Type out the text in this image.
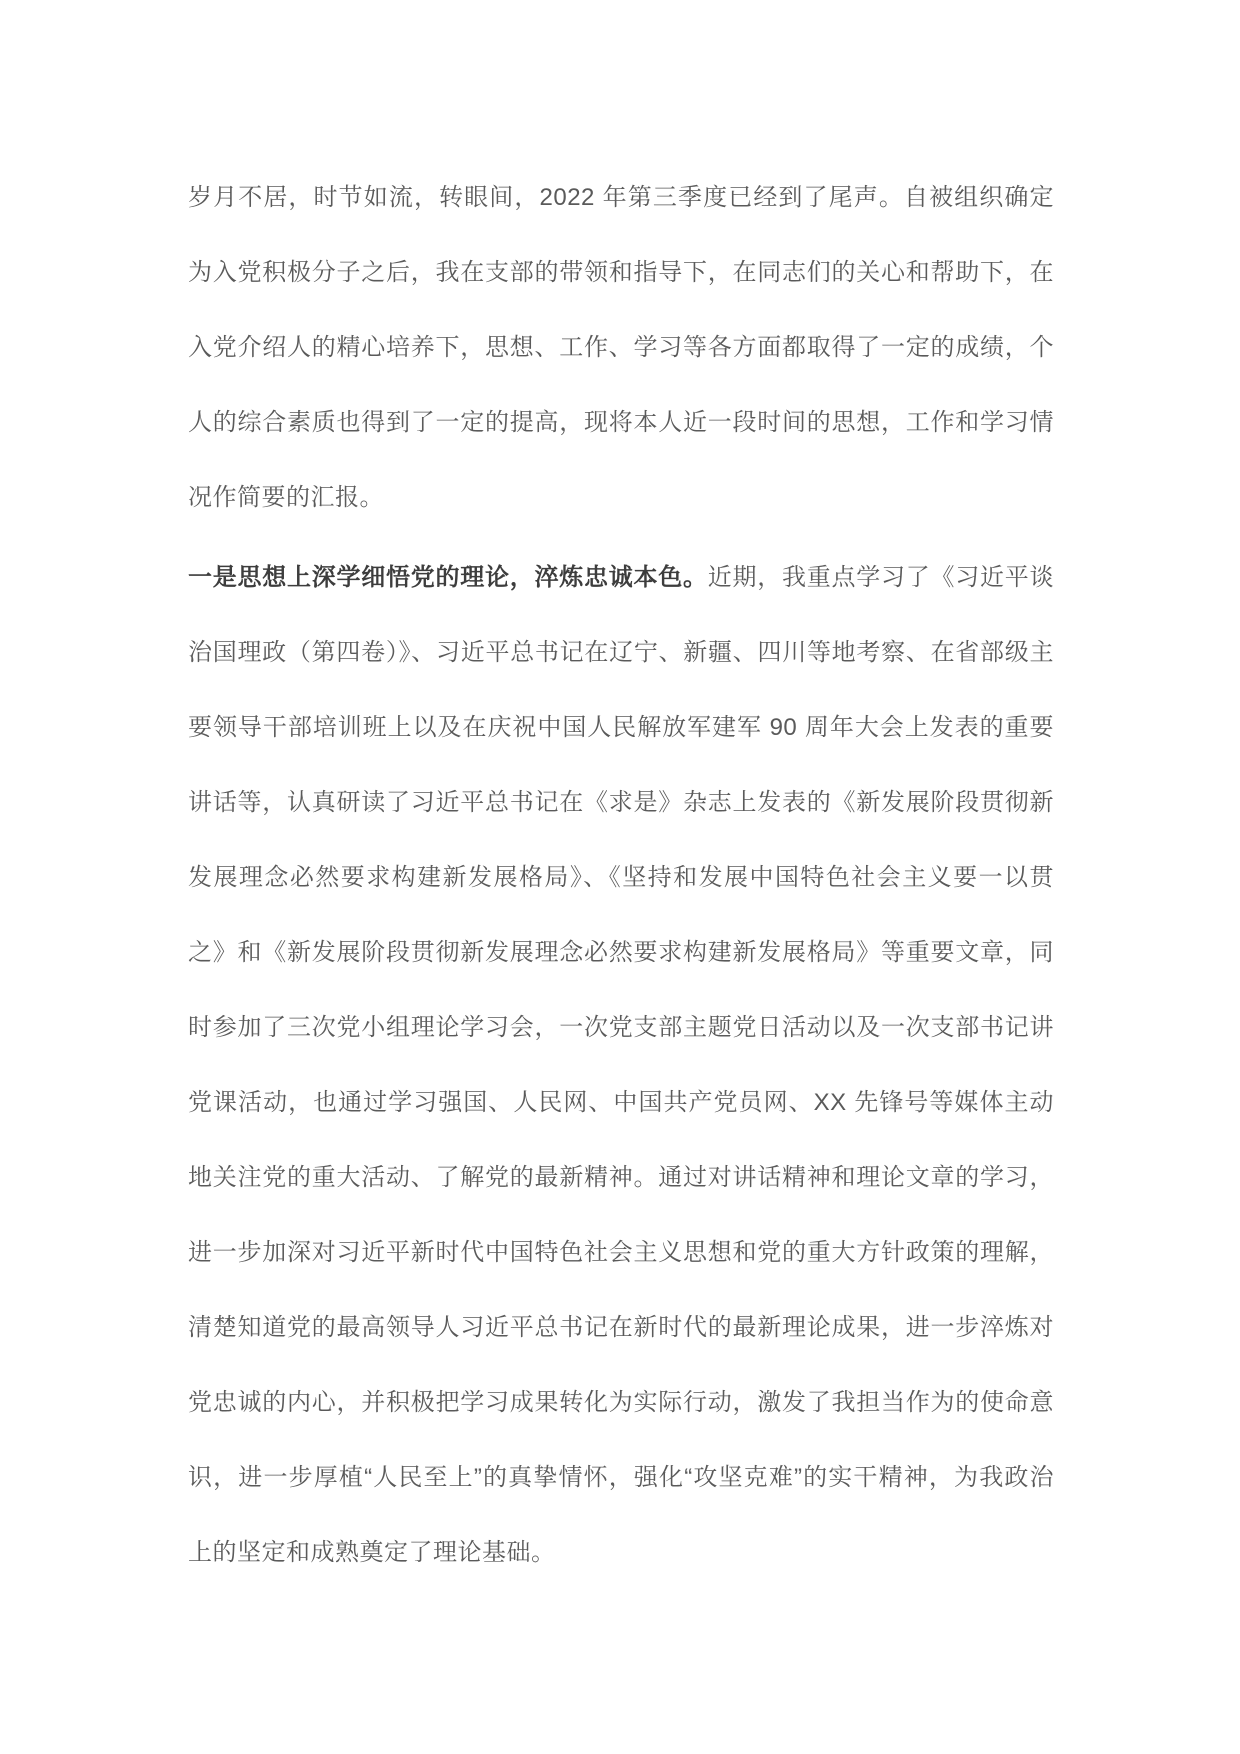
岁月不居，时节如流，转眼间，2022 年第三季度已经到了尾声。自被组织确定为入党积极分子之后，我在支部的带领和指导下，在同志们的关心和帮助下，在入党介绍人的精心培养下，思想、工作、学习等各方面都取得了一定的成绩，个人的综合素质也得到了一定的提高，现将本人近一段时间的思想，工作和学习情况作简要的汇报。

一是思想上深学细悟党的理论，淬炼忠诚本色。近期，我重点学习了《习近平谈治国理政（第四卷）》、习近平总书记在辽宁、新疆、四川等地考察、在省部级主要领导干部培训班上以及在庆祝中国人民解放军建军 90 周年大会上发表的重要讲话等，认真研读了习近平总书记在《求是》杂志上发表的《新发展阶段贯彻新发展理念必然要求构建新发展格局》、《坚持和发展中国特色社会主义要一以贯之》和《新发展阶段贯彻新发展理念必然要求构建新发展格局》等重要文章，同时参加了三次党小组理论学习会，一次党支部主题党日活动以及一次支部书记讲党课活动，也通过学习强国、人民网、中国共产党员网、XX 先锋号等媒体主动地关注党的重大活动、了解党的最新精神。通过对讲话精神和理论文章的学习，进一步加深对习近平新时代中国特色社会主义思想和党的重大方针政策的理解，清楚知道党的最高领导人习近平总书记在新时代的最新理论成果，进一步淬炼对党忠诚的内心，并积极把学习成果转化为实际行动，激发了我担当作为的使命意识，进一步厚植“人民至上”的真挚情怀，强化“攻坚克难”的实干精神，为我政治上的坚定和成熟奠定了理论基础。
